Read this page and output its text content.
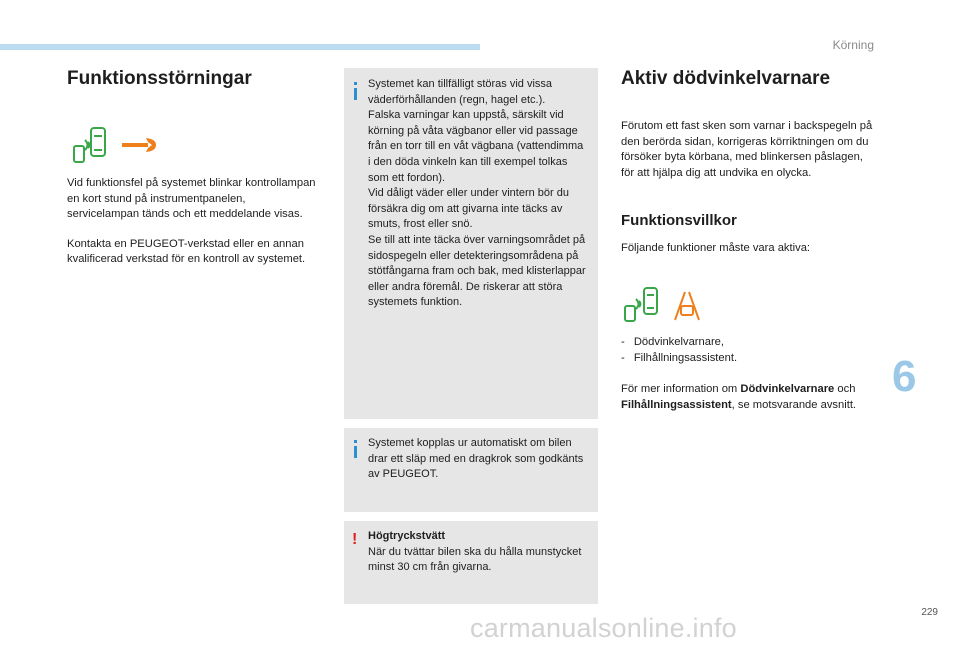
Körning
Funktionsstörningar

Vid funktionsfel på systemet blinkar kontrollampan en kort stund på instrumentpanelen, servicelampan tänds och ett meddelande visas.

Kontakta en PEUGEOT-verkstad eller en annan kvalificerad verkstad för en kontroll av systemet.

Systemet kan tillfälligt störas vid vissa väderförhållanden (regn, hagel etc.).
Falska varningar kan uppstå, särskilt vid körning på våta vägbanor eller vid passage från en torr till en våt vägbana (vattendimma i den döda vinkeln kan till exempel tolkas som ett fordon).
Vid dåligt väder eller under vintern bör du försäkra dig om att givarna inte täcks av smuts, frost eller snö.
Se till att inte täcka över varningsområdet på sidospegeln eller detekteringsområdena på stötfångarna fram och bak, med klisterlappar eller andra föremål. De riskerar att störa systemets funktion.
Systemet kopplas ur automatiskt om bilen drar ett släp med en dragkrok som godkänts av PEUGEOT.
! Högtryckstvätt
När du tvättar bilen ska du hålla munstycket minst 30 cm från givarna.
Aktiv dödvinkelvarnare

Förutom ett fast sken som varnar i backspegeln på den berörda sidan, korrigeras körriktningen om du försöker byta körbana, med blinkersen påslagen, för att hjälpa dig att undvika en olycka.

Funktionsvillkor

Följande funktioner måste vara aktiva:

- Dödvinkelvarnare,
- Filhållningsassistent.

För mer information om Dödvinkelvarnare och Filhållningsassistent, se motsvarande avsnitt.

6
229
carmanualsonline.info
